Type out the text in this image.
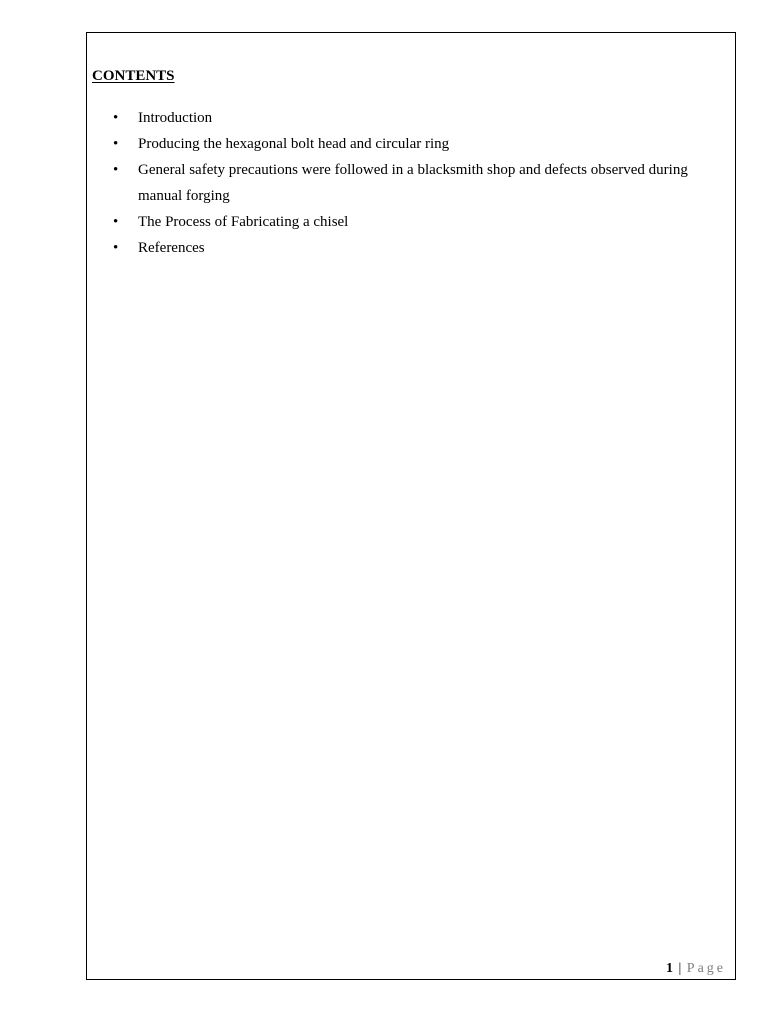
CONTENTS
• Introduction
• Producing the hexagonal bolt head and circular ring
• General safety precautions were followed in a blacksmith shop and defects observed during manual forging
• The Process of Fabricating a chisel
• References
1 | Page
